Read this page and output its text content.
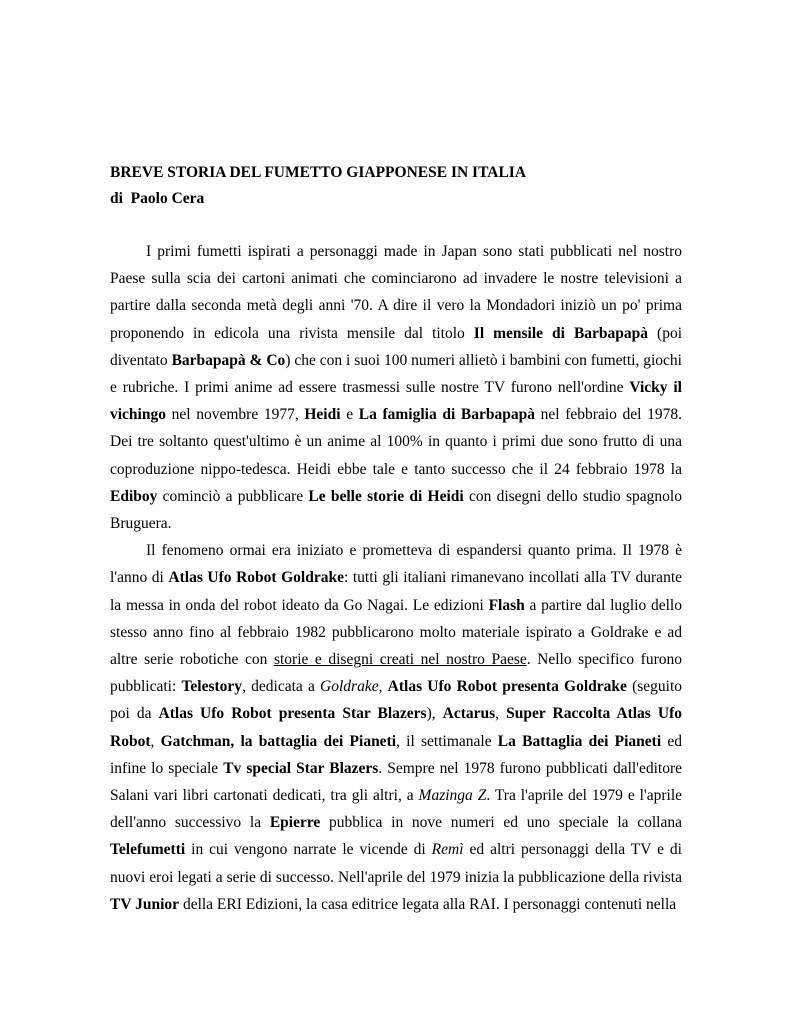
BREVE STORIA DEL FUMETTO GIAPPONESE IN ITALIA

di  Paolo Cera

I primi fumetti ispirati a personaggi made in Japan sono stati pubblicati nel nostro Paese sulla scia dei cartoni animati che cominciarono ad invadere le nostre televisioni a partire dalla seconda metà degli anni '70. A dire il vero la Mondadori iniziò un po' prima proponendo in edicola una rivista mensile dal titolo Il mensile di Barbapapà (poi diventato Barbapapà & Co) che con i suoi 100 numeri allietò i bambini con fumetti, giochi e rubriche. I primi anime ad essere trasmessi sulle nostre TV furono nell'ordine Vicky il vichingo nel novembre 1977, Heidi e La famiglia di Barbapapà nel febbraio del 1978. Dei tre soltanto quest'ultimo è un anime al 100% in quanto i primi due sono frutto di una coproduzione nippo-tedesca. Heidi ebbe tale e tanto successo che il 24 febbraio 1978 la Ediboy cominciò a pubblicare Le belle storie di Heidi con disegni dello studio spagnolo Bruguera.

Il fenomeno ormai era iniziato e prometteva di espandersi quanto prima. Il 1978 è l'anno di Atlas Ufo Robot Goldrake: tutti gli italiani rimanevano incollati alla TV durante la messa in onda del robot ideato da Go Nagai. Le edizioni Flash a partire dal luglio dello stesso anno fino al febbraio 1982 pubblicarono molto materiale ispirato a Goldrake e ad altre serie robotiche con storie e disegni creati nel nostro Paese. Nello specifico furono pubblicati: Telestory, dedicata a Goldrake, Atlas Ufo Robot presenta Goldrake (seguito poi da Atlas Ufo Robot presenta Star Blazers), Actarus, Super Raccolta Atlas Ufo Robot, Gatchman, la battaglia dei Pianeti, il settimanale La Battaglia dei Pianeti ed infine lo speciale Tv special Star Blazers. Sempre nel 1978 furono pubblicati dall'editore Salani vari libri cartonati dedicati, tra gli altri, a Mazinga Z. Tra l'aprile del 1979 e l'aprile dell'anno successivo la Epierre pubblica in nove numeri ed uno speciale la collana Telefumetti in cui vengono narrate le vicende di Remì ed altri personaggi della TV e di nuovi eroi legati a serie di successo. Nell'aprile del 1979 inizia la pubblicazione della rivista TV Junior della ERI Edizioni, la casa editrice legata alla RAI. I personaggi contenuti nella
